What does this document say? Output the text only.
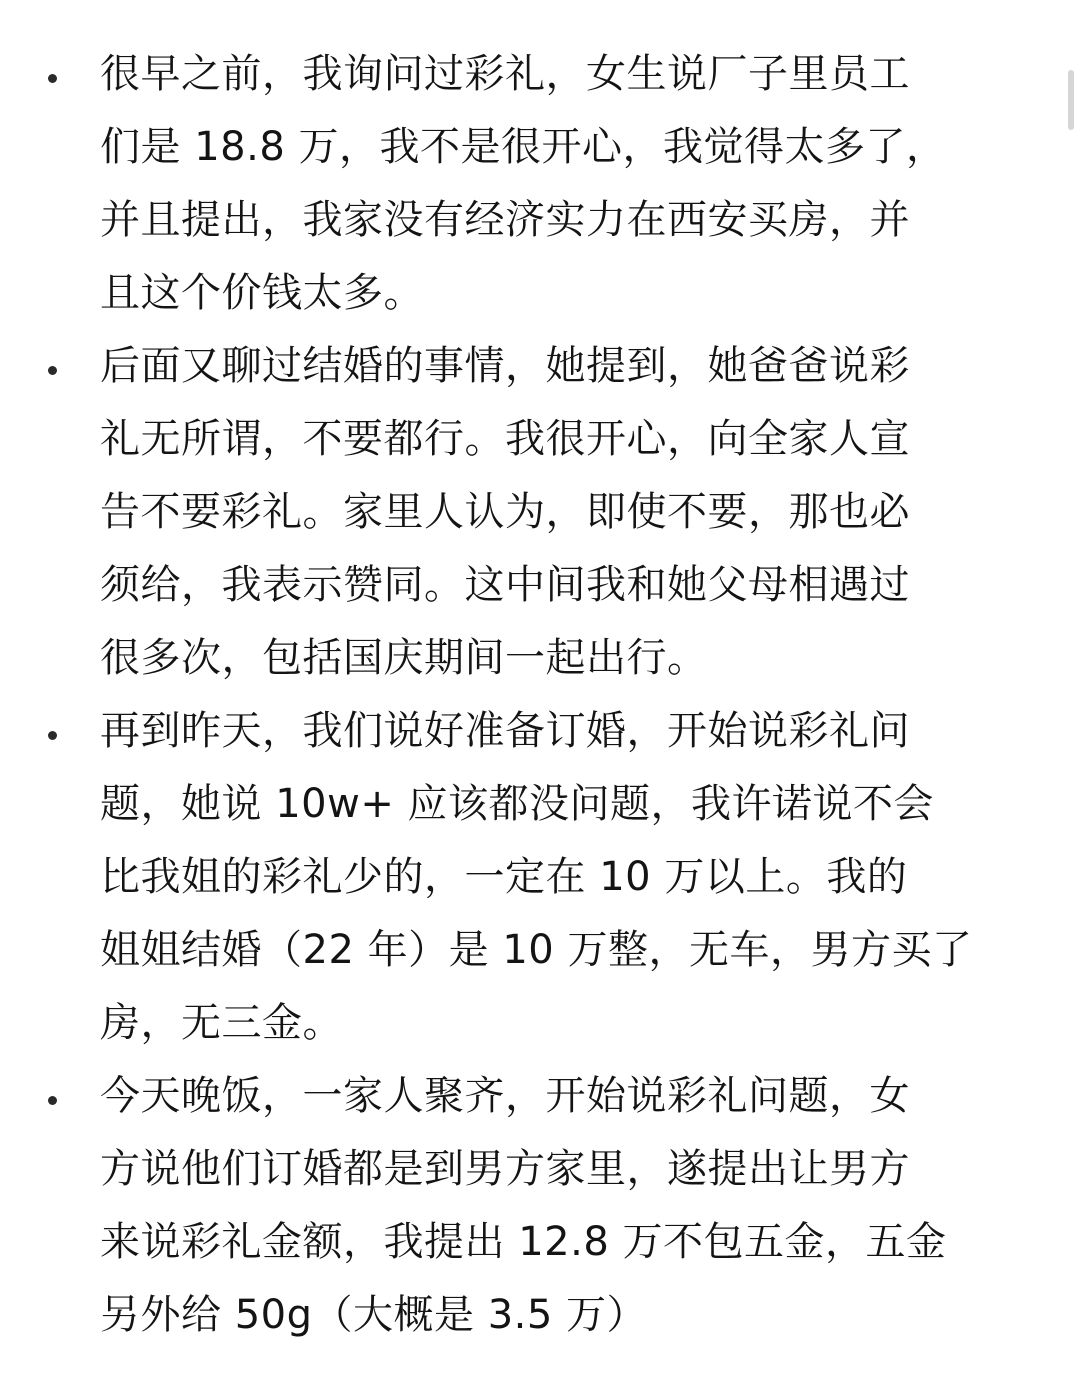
很早之前，我询问过彩礼，女生说厂子里员工
们是 18.8 万，我不是很开心，我觉得太多了，
并且提出，我家没有经济实力在西安买房，并
且这个价钱太多。
后面又聊过结婚的事情，她提到，她爸爸说彩
礼无所谓，不要都行。我很开心，向全家人宣
告不要彩礼。家里人认为，即使不要，那也必
须给，我表示赞同。这中间我和她父母相遇过
很多次，包括国庆期间一起出行。
再到昨天，我们说好准备订婚，开始说彩礼问
题，她说 10w+ 应该都没问题，我许诺说不会
比我姐的彩礼少的，一定在 10 万以上。我的
姐姐结婚（22 年）是 10 万整，无车，男方买了
房，无三金。
今天晚饭，一家人聚齐，开始说彩礼问题，女
方说他们订婚都是到男方家里，遂提出让男方
来说彩礼金额，我提出 12.8 万不包五金，五金
另外给 50g（大概是 3.5 万）
